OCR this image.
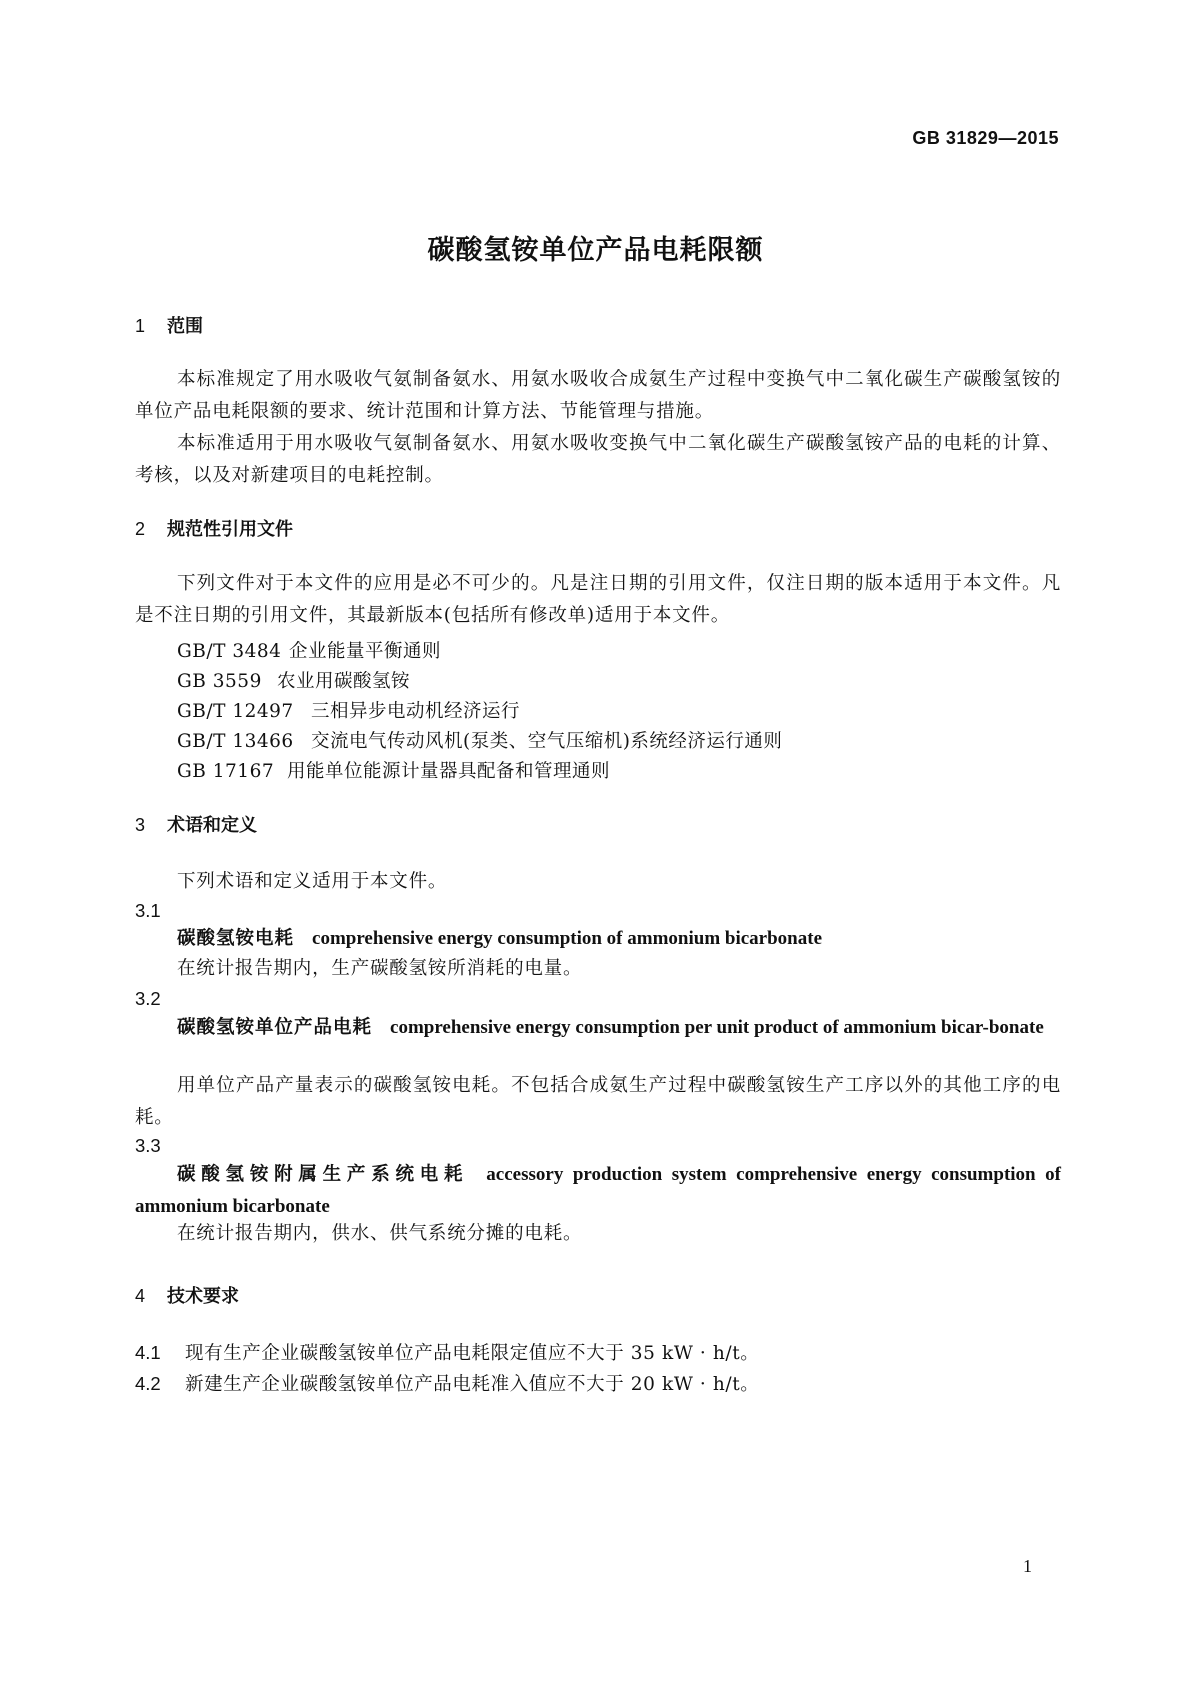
GB 31829—2015
碳酸氢铵单位产品电耗限额
1 范围
本标准规定了用水吸收气氨制备氨水、用氨水吸收合成氨生产过程中变换气中二氧化碳生产碳酸氢铵的单位产品电耗限额的要求、统计范围和计算方法、节能管理与措施。
本标准适用于用水吸收气氨制备氨水、用氨水吸收变换气中二氧化碳生产碳酸氢铵产品的电耗的计算、考核，以及对新建项目的电耗控制。
2 规范性引用文件
下列文件对于本文件的应用是必不可少的。凡是注日期的引用文件，仅注日期的版本适用于本文件。凡是不注日期的引用文件，其最新版本(包括所有修改单)适用于本文件。
GB/T 3484 企业能量平衡通则
GB 3559 农业用碳酸氢铵
GB/T 12497 三相异步电动机经济运行
GB/T 13466 交流电气传动风机(泵类、空气压缩机)系统经济运行通则
GB 17167 用能单位能源计量器具配备和管理通则
3 术语和定义
下列术语和定义适用于本文件。
3.1
碳酸氢铵电耗 comprehensive energy consumption of ammonium bicarbonate
在统计报告期内，生产碳酸氢铵所消耗的电量。
3.2
碳酸氢铵单位产品电耗 comprehensive energy consumption per unit product of ammonium bicar-bonate
用单位产品产量表示的碳酸氢铵电耗。不包括合成氨生产过程中碳酸氢铵生产工序以外的其他工序的电耗。
3.3
碳酸氢铵附属生产系统电耗 accessory production system comprehensive energy consumption of ammonium bicarbonate
在统计报告期内，供水、供气系统分摊的电耗。
4 技术要求
4.1 现有生产企业碳酸氢铵单位产品电耗限定值应不大于 35 kW · h/t。
4.2 新建生产企业碳酸氢铵单位产品电耗准入值应不大于 20 kW · h/t。
1
